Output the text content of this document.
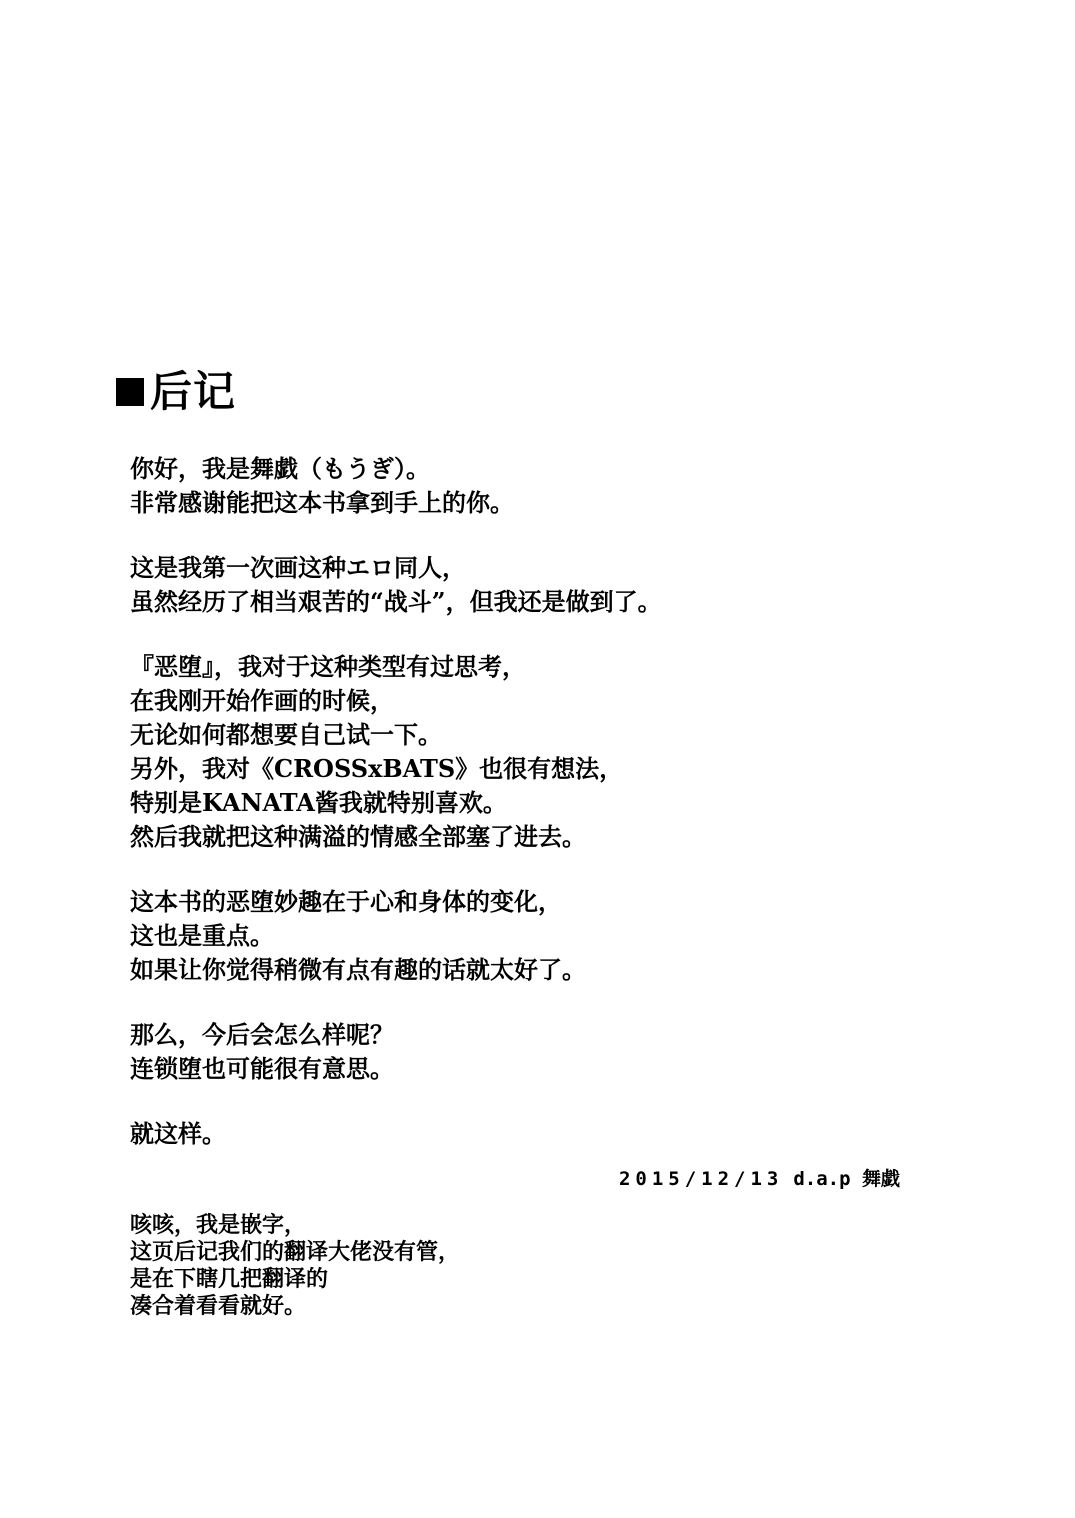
后记
你好，我是舞戯（もうぎ）。
非常感谢能把这本书拿到手上的你。
这是我第一次画这种エロ同人，
虽然经历了相当艰苦的“战斗”，但我还是做到了。
『恶堕』，我对于这种类型有过思考，
在我刚开始作画的时候，
无论如何都想要自己试一下。
另外，我对《CROSSxBATS》也很有想法，
特别是KANATA酱我就特别喜欢。
然后我就把这种满溢的情感全部塞了进去。
这本书的恶堕妙趣在于心和身体的变化，
这也是重点。
如果让你觉得稍微有点有趣的话就太好了。
那么，今后会怎么样呢？
连锁堕也可能很有意思。
就这样。
2015/12/13 d.a.p 舞戯
咳咳，我是嵌字，
这页后记我们的翻译大佬没有管，
是在下瞎几把翻译的
凑合着看看就好。
